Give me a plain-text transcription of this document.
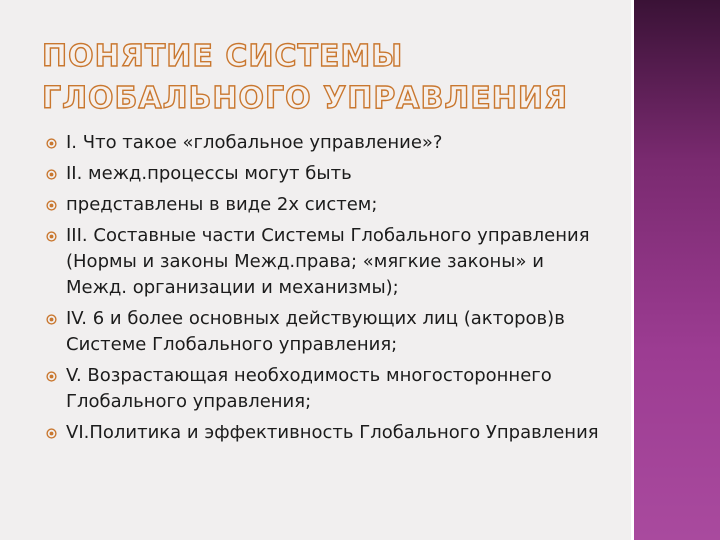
ПОНЯТИЕ СИСТЕМЫ
ГЛОБАЛЬНОГО УПРАВЛЕНИЯ
I. Что такое «глобальное управление»?
II. межд.процессы могут быть
представлены в виде 2х систем;
III. Составные части Системы Глобального управления (Нормы и законы Межд.права; «мягкие законы» и Межд. организации и механизмы);
IV. 6 и более основных действующих лиц (акторов)в Системе Глобального управления;
V. Возрастающая необходимость многостороннего Глобального управления;
VI.Политика и эффективность Глобального Управления
